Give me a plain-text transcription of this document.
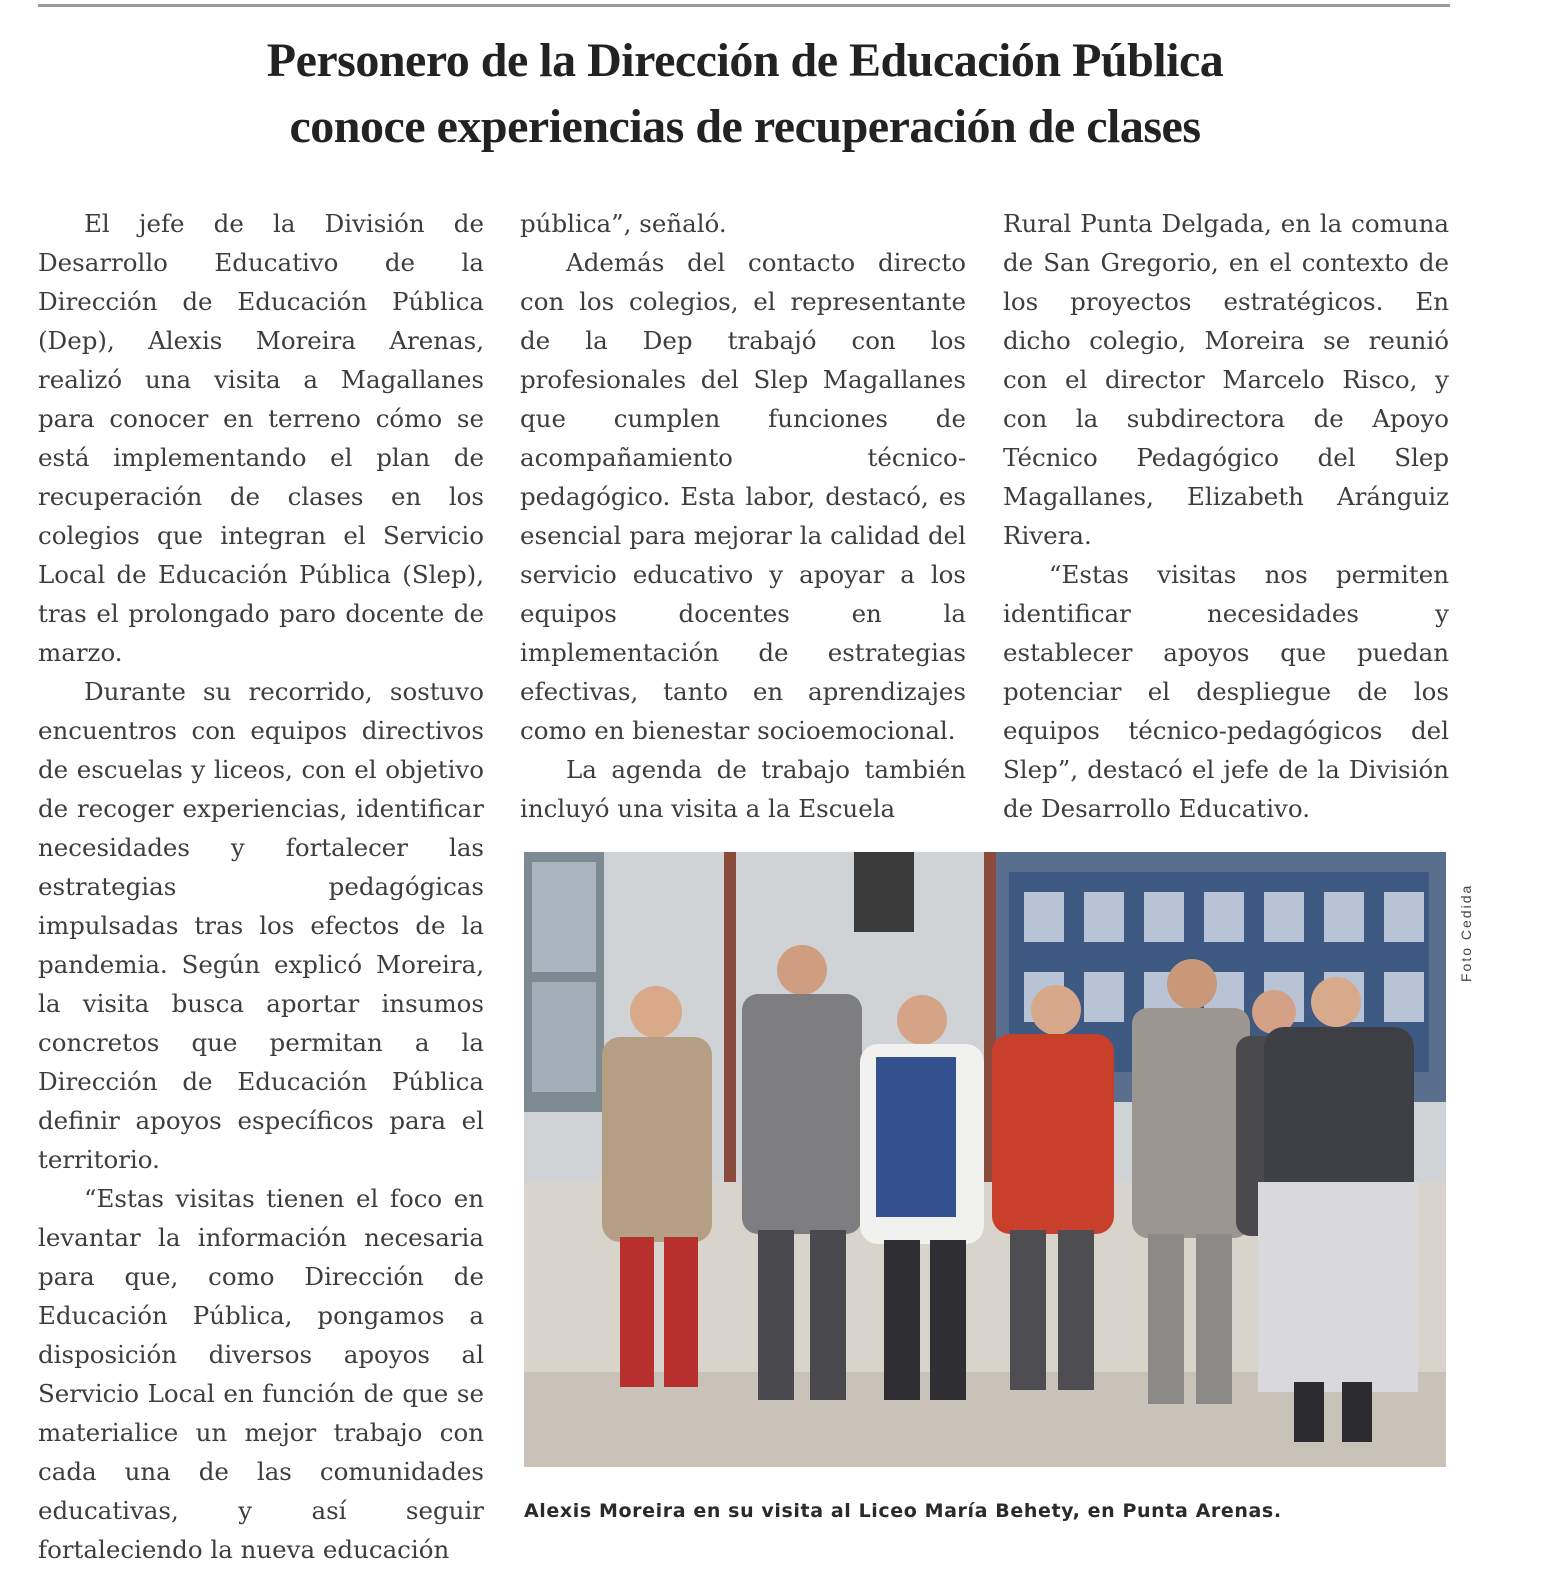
Personero de la Dirección de Educación Pública
conoce experiencias de recuperación de clases

El jefe de la División de Desarrollo Educativo de la Dirección de Educación Pública (Dep), Alexis Moreira Arenas, realizó una visita a Magallanes para conocer en terreno cómo se está implementando el plan de recuperación de clases en los colegios que integran el Servicio Local de Educación Pública (Slep), tras el prolongado paro docente de marzo.

Durante su recorrido, sostuvo encuentros con equipos directivos de escuelas y liceos, con el objetivo de recoger experiencias, identificar necesidades y fortalecer las estrategias pedagógicas impulsadas tras los efectos de la pandemia. Según explicó Moreira, la visita busca aportar insumos concretos que permitan a la Dirección de Educación Pública definir apoyos específicos para el territorio.

“Estas visitas tienen el foco en levantar la información necesaria para que, como Dirección de Educación Pública, pongamos a disposición diversos apoyos al Servicio Local en función de que se materialice un mejor trabajo con cada una de las comunidades educativas, y así seguir fortaleciendo la nueva educación

pública”, señaló.

Además del contacto directo con los colegios, el representante de la Dep trabajó con los profesionales del Slep Magallanes que cumplen funciones de acompañamiento técnico-pedagógico. Esta labor, destacó, es esencial para mejorar la calidad del servicio educativo y apoyar a los equipos docentes en la implementación de estrategias efectivas, tanto en aprendizajes como en bienestar socioemocional.

La agenda de trabajo también incluyó una visita a la Escuela

Rural Punta Delgada, en la comuna de San Gregorio, en el contexto de los proyectos estratégicos. En dicho colegio, Moreira se reunió con el director Marcelo Risco, y con la subdirectora de Apoyo Técnico Pedagógico del Slep Magallanes, Elizabeth Aránguiz Rivera.

“Estas visitas nos permiten identificar necesidades y establecer apoyos que puedan potenciar el despliegue de los equipos técnico-pedagógicos del Slep”, destacó el jefe de la División de Desarrollo Educativo.

Foto Cedida
Alexis Moreira en su visita al Liceo María Behety, en Punta Arenas.
